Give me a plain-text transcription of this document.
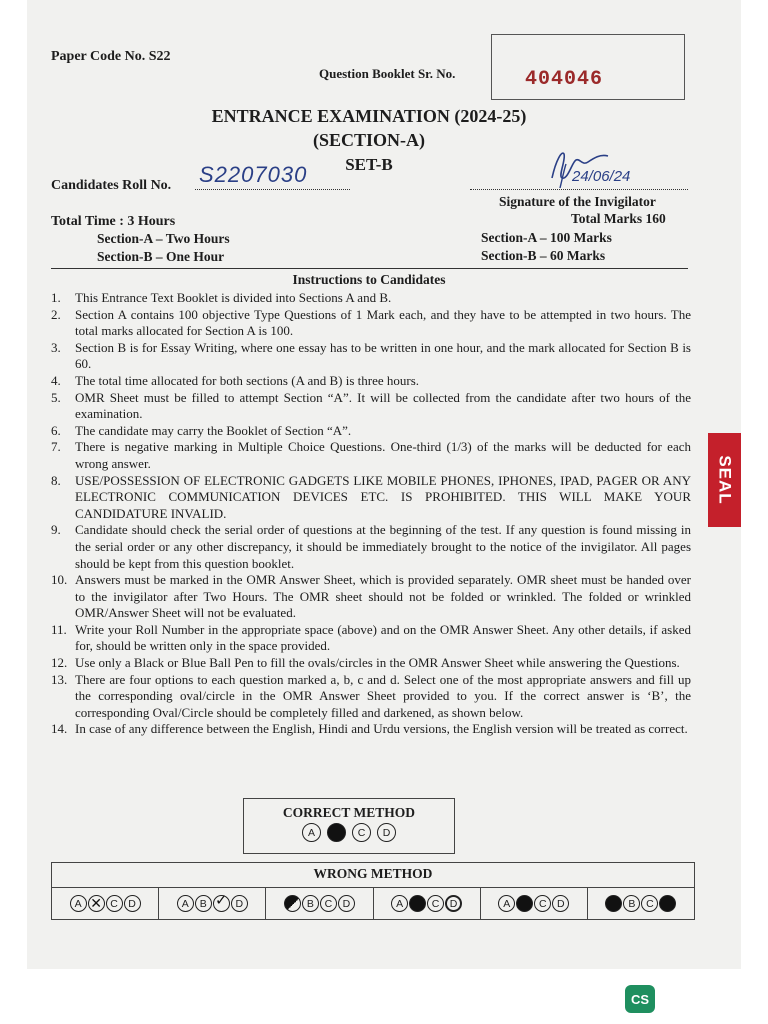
Paper Code No. S22
Question Booklet Sr. No.	404046
ENTRANCE EXAMINATION (2024-25)
(SECTION-A)
SET-B
Candidates Roll No. S2207030	24/06/24
Signature of the Invigilator
Total Time : 3 Hours
Section-A – Two Hours
Section-B – One Hour
Total Marks 160
Section-A – 100 Marks
Section-B – 60 Marks
Instructions to Candidates
1. This Entrance Text Booklet is divided into Sections A and B.
2. Section A contains 100 objective Type Questions of 1 Mark each, and they have to be attempted in two hours. The total marks allocated for Section A is 100.
3. Section B is for Essay Writing, where one essay has to be written in one hour, and the mark allocated for Section B is 60.
4. The total time allocated for both sections (A and B) is three hours.
5. OMR Sheet must be filled to attempt Section “A”. It will be collected from the candidate after two hours of the examination.
6. The candidate may carry the Booklet of Section “A”.
7. There is negative marking in Multiple Choice Questions. One-third (1/3) of the marks will be deducted for each wrong answer.
8. USE/POSSESSION OF ELECTRONIC GADGETS LIKE MOBILE PHONES, IPHONES, IPAD, PAGER OR ANY ELECTRONIC COMMUNICATION DEVICES ETC. IS PROHIBITED. THIS WILL MAKE YOUR CANDIDATURE INVALID.
9. Candidate should check the serial order of questions at the beginning of the test. If any question is found missing in the serial order or any other discrepancy, it should be immediately brought to the notice of the invigilator. All pages should be kept from this question booklet.
10. Answers must be marked in the OMR Answer Sheet, which is provided separately. OMR sheet must be handed over to the invigilator after Two Hours. The OMR sheet should not be folded or wrinkled. The folded or wrinkled OMR/Answer Sheet will not be evaluated.
11. Write your Roll Number in the appropriate space (above) and on the OMR Answer Sheet. Any other details, if asked for, should be written only in the space provided.
12. Use only a Black or Blue Ball Pen to fill the ovals/circles in the OMR Answer Sheet while answering the Questions.
13. There are four options to each question marked a, b, c and d. Select one of the most appropriate answers and fill up the corresponding oval/circle in the OMR Answer Sheet provided to you. If the correct answer is ‘B’, the corresponding Oval/Circle should be completely filled and darkened, as shown below.
14. In case of any difference between the English, Hindi and Urdu versions, the English version will be treated as correct.
CORRECT METHOD
A	C	D
WRONG METHOD
A ✕	C D	A	B ✓	D	B	C D	A	C D	A	C D	B	C
SEAL
CS
